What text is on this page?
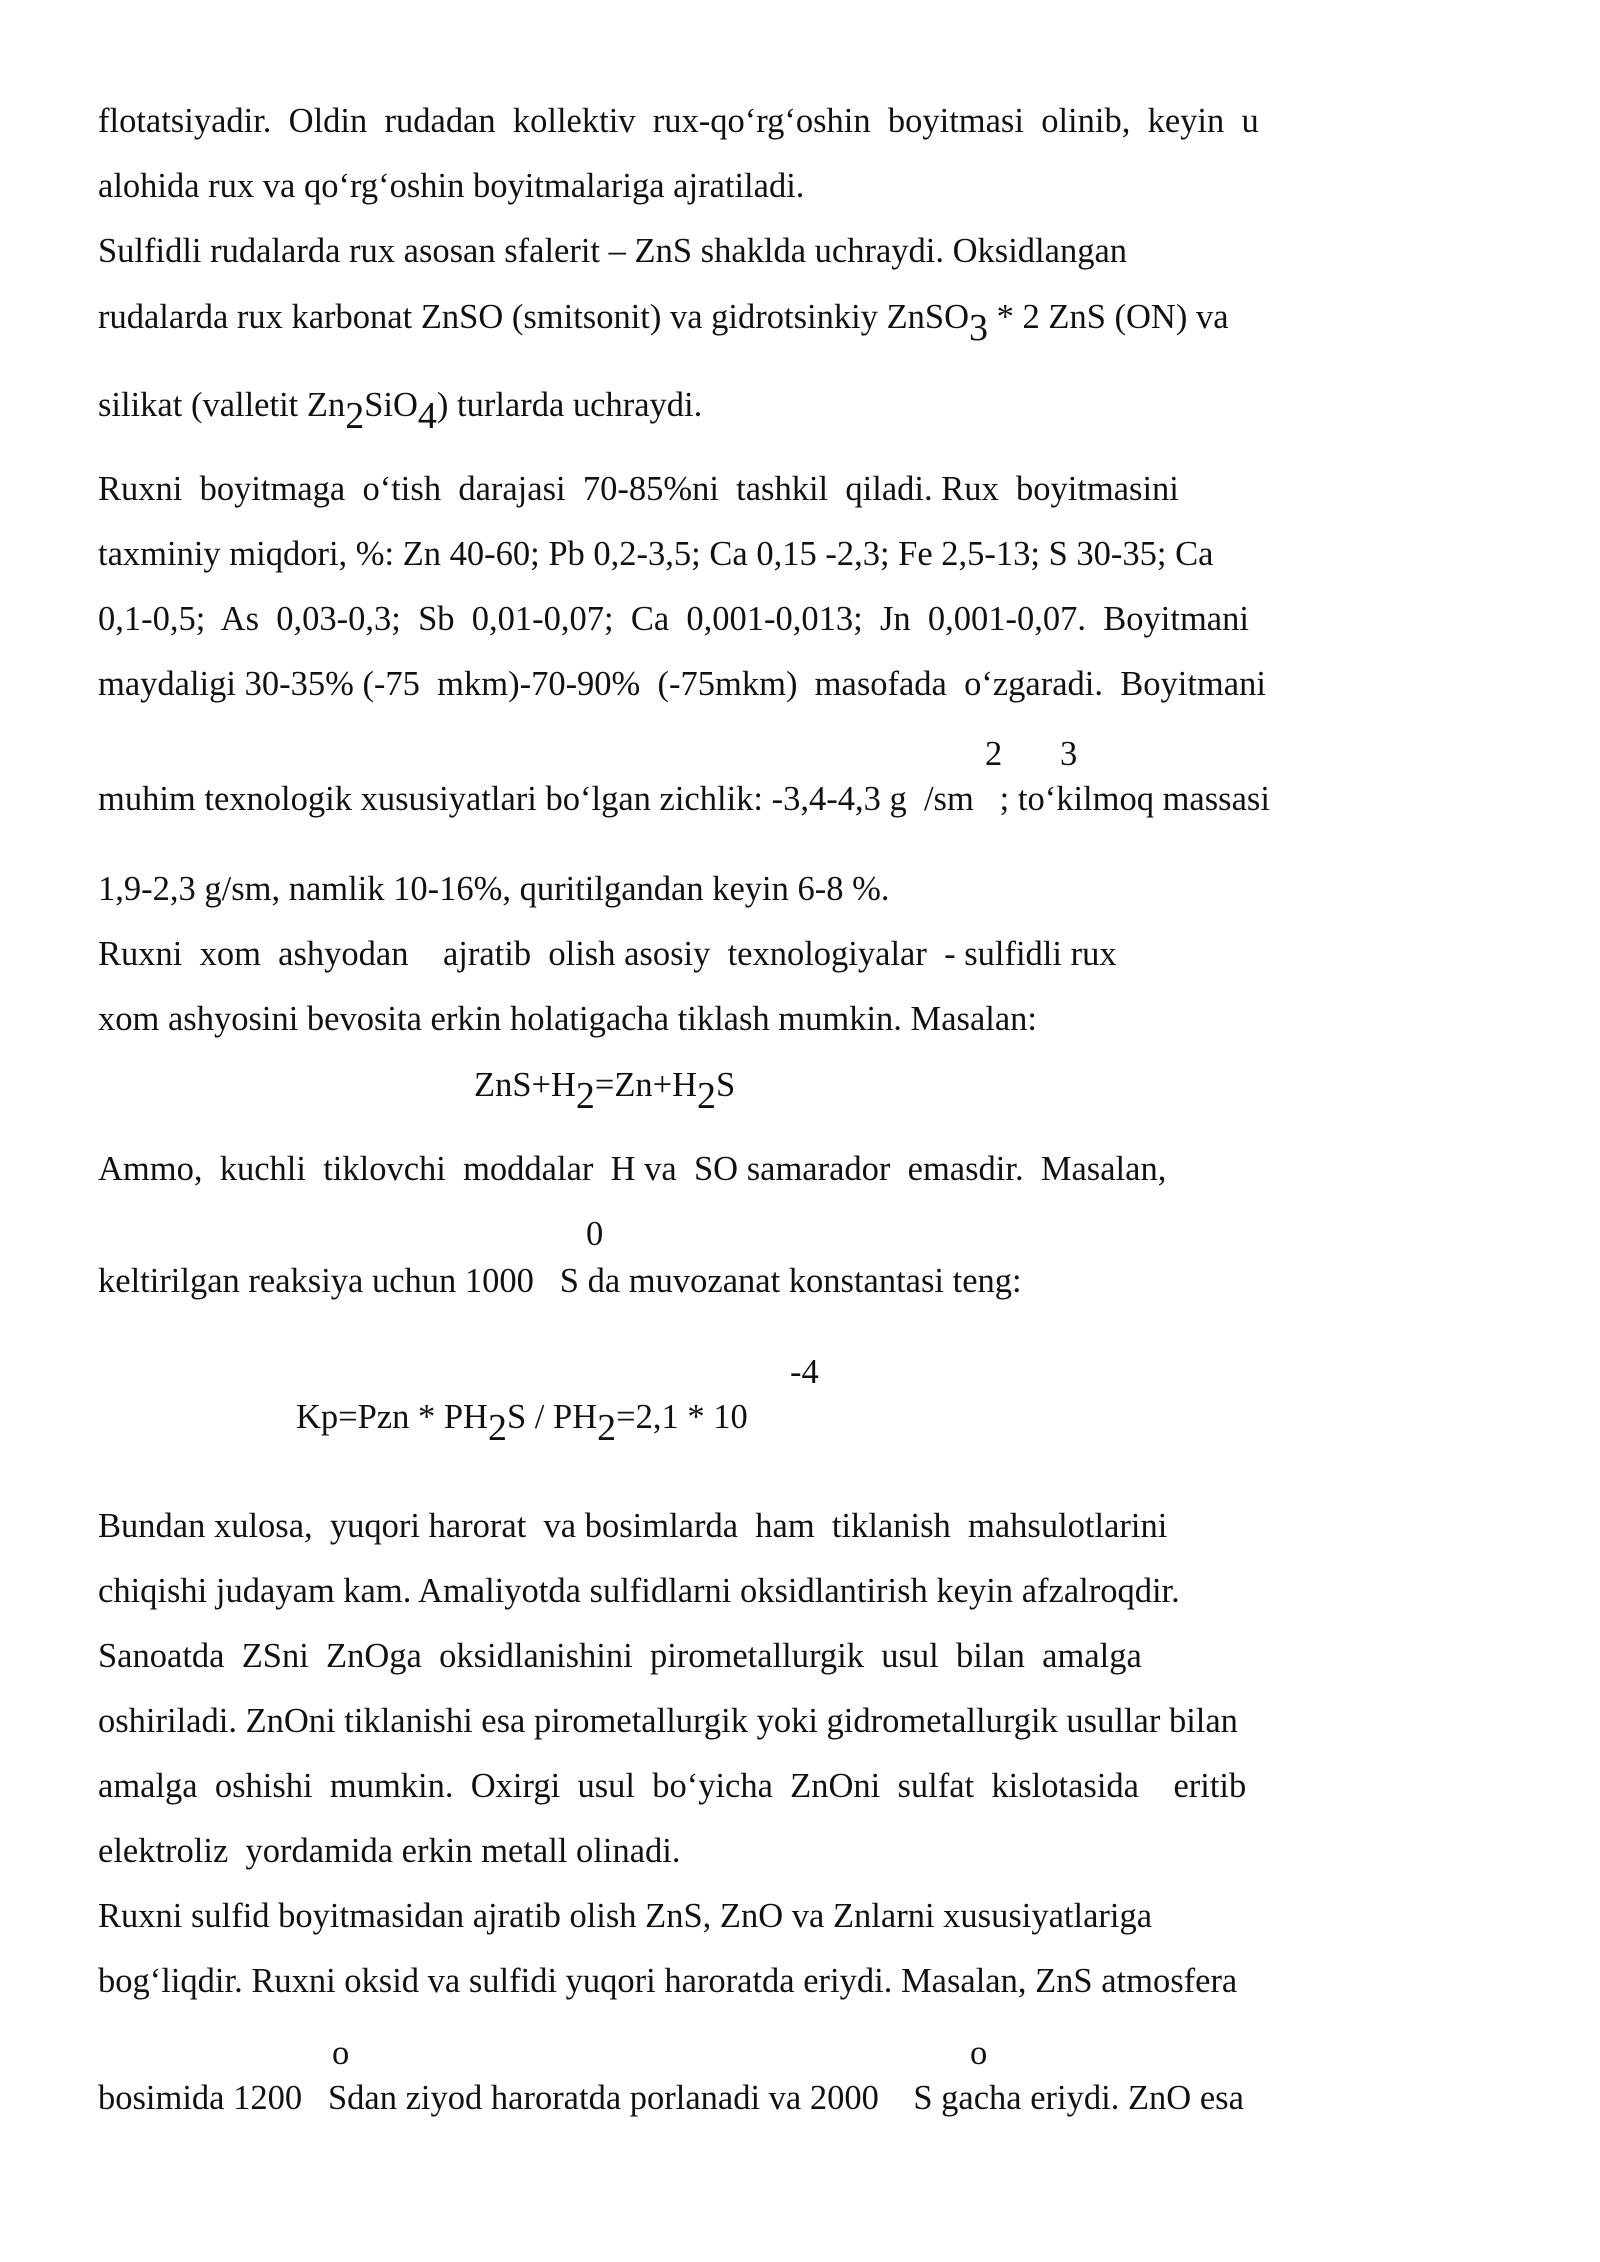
flotatsiyadir.  Oldin  rudadan  kollektiv  rux-qo‘rg‘oshin  boyitmasi  olinib,  keyin  u
alohida rux va qo‘rg‘oshin boyitmalariga ajratiladi.
Sulfidli rudalarda rux asosan sfalerit – ZnS shaklda uchraydi. Oksidlangan
rudalarda rux karbonat ZnSO (smitsonit) va gidrotsinkiy ZnSO3 * 2 ZnS (ON) va
silikat (valletit Zn2SiO4) turlarda uchraydi.
Ruxni  boyitmaga  o‘tish  darajasi  70-85%ni  tashkil  qiladi. Rux  boyitmasini
taxminiy miqdori, %: Zn 40-60; Pb 0,2-3,5; Ca 0,15 -2,3; Fe 2,5-13; S 30-35; Ca
0,1-0,5;  As  0,03-0,3;  Sb  0,01-0,07;  Ca  0,001-0,013;  Jn  0,001-0,07.  Boyitmani
maydaligi 30-35% (-75  mkm)-70-90%  (-75mkm)  masofada  o‘zgaradi.  Boyitmani
2 3
muhim texnologik xususiyatlari bo‘lgan zichlik: -3,4-4,3 g  /sm   ; to‘kilmoq massasi
1,9-2,3 g/sm, namlik 10-16%, quritilgandan keyin 6-8 %.
Ruxni  xom  ashyodan    ajratib  olish asosiy  texnologiyalar  - sulfidli rux
xom ashyosini bevosita erkin holatigacha tiklash mumkin. Masalan:
ZnS+H2=Zn+H2S
Ammo,  kuchli  tiklovchi  moddalar  H va  SO samarador  emasdir.  Masalan,
0
keltirilgan reaksiya uchun 1000   S da muvozanat konstantasi teng:
-4
Kp=Pzn * PH2S / PH2=2,1 * 10
Bundan xulosa,  yuqori harorat  va bosimlarda  ham  tiklanish  mahsulotlarini
chiqishi judayam kam. Amaliyotda sulfidlarni oksidlantirish keyin afzalroqdir.
Sanoatda  ZSni  ZnOga  oksidlanishini  pirometallurgik  usul  bilan  amalga
oshiriladi. ZnOni tiklanishi esa pirometallurgik yoki gidrometallurgik usullar bilan
amalga  oshishi  mumkin.  Oxirgi  usul  bo‘yicha  ZnOni  sulfat  kislotasida    eritib
elektroliz  yordamida erkin metall olinadi.
Ruxni sulfid boyitmasidan ajratib olish ZnS, ZnO va Znlarni xususiyatlariga
bog‘liqdir. Ruxni oksid va sulfidi yuqori haroratda eriydi. Masalan, ZnS atmosfera
o	o
bosimida 1200   Sdan ziyod haroratda porlanadi va 2000    S gacha eriydi. ZnO esa
